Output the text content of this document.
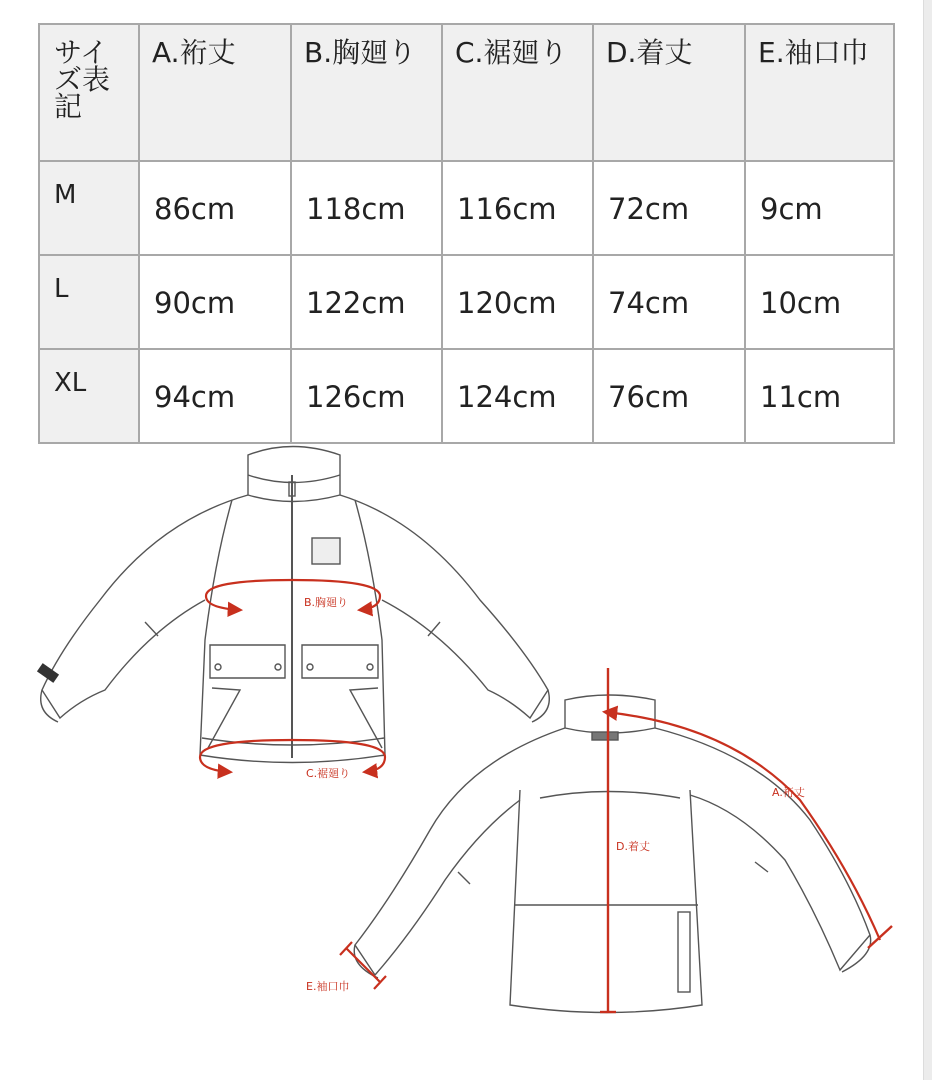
サイズ表記	A.裄丈	B.胸廻り	C.裾廻り	D.着丈	E.袖口巾
M	86cm	118cm	116cm	72cm	9cm
L	90cm	122cm	120cm	74cm	10cm
XL	94cm	126cm	124cm	76cm	11cm
B.胸廻り
C.裾廻り
D.着丈
A.裄丈
E.袖口巾
